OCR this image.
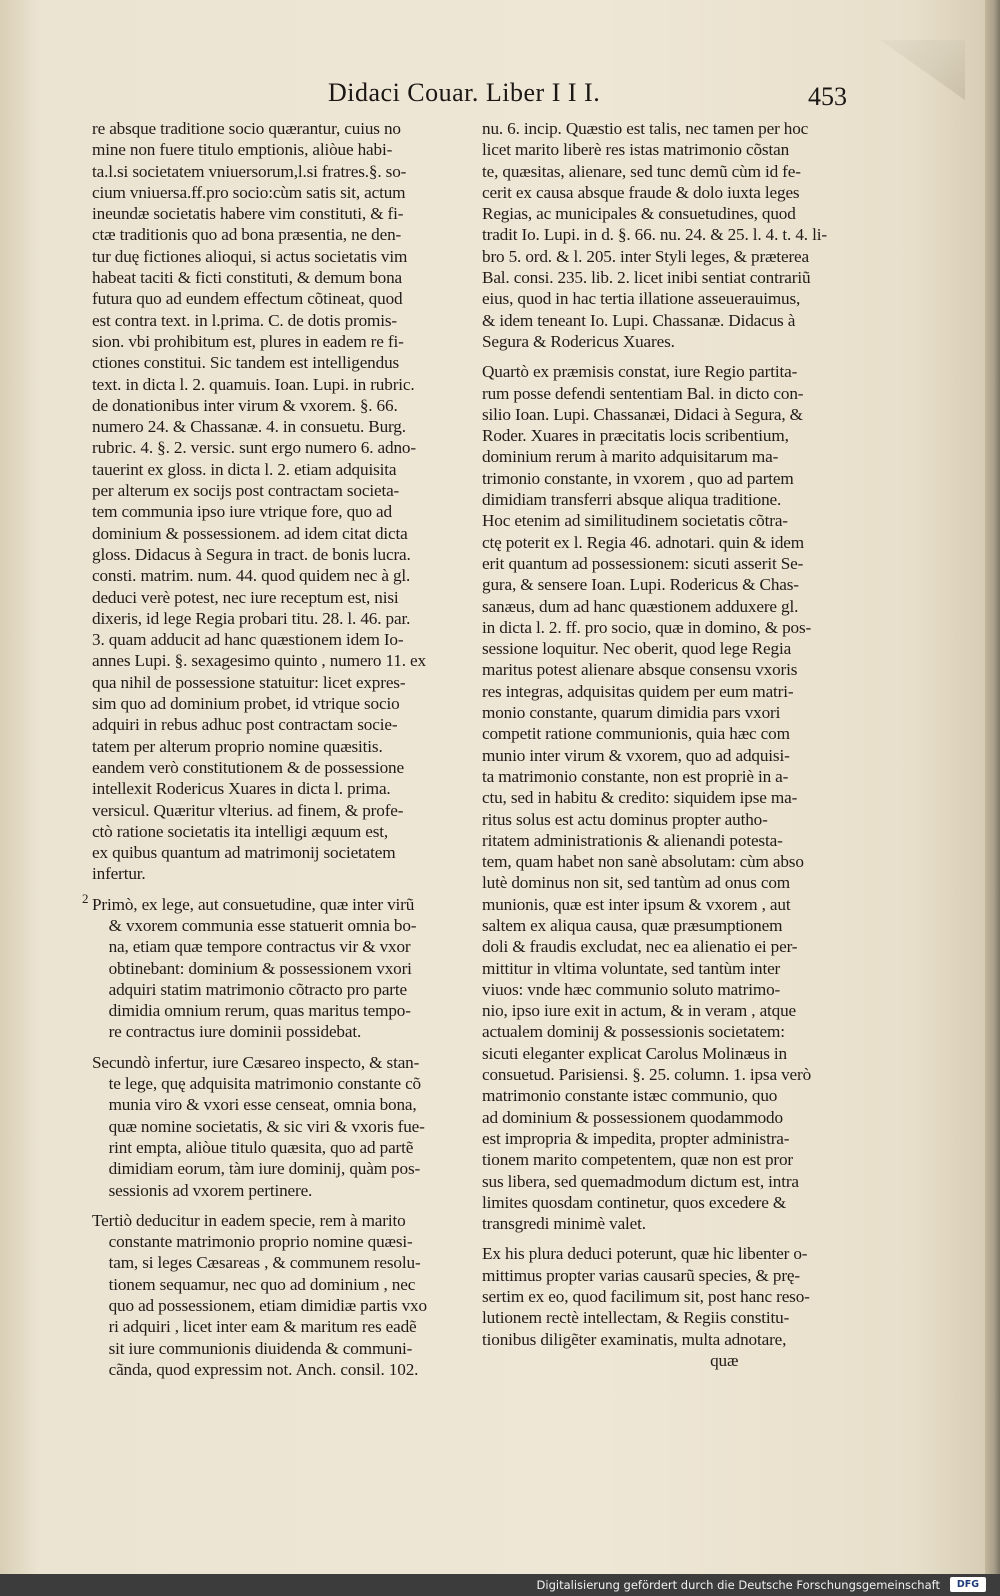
Didaci Couar. Liber I I I.	453
re absque traditione socio quærantur, cuius no
mine non fuere titulo emptionis, aliòue habi-
ta.l.si societatem vniuersorum,l.si fratres.§. so-
cium vniuersa.ff.pro socio:cùm satis sit, actum
ineundæ societatis habere vim constituti, & fi-
ctæ traditionis quo ad bona præsentia, ne den-
tur duę fictiones alioqui, si actus societatis vim
habeat taciti & ficti constituti, & demum bona
futura quo ad eundem effectum cõtineat, quod
est contra text. in l.prima. C. de dotis promis-
sion. vbi prohibitum est, plures in eadem re fi-
ctiones constitui. Sic tandem est intelligendus
text. in dicta l. 2. quamuis. Ioan. Lupi. in rubric.
de donationibus inter virum & vxorem. §. 66.
numero 24. & Chassanæ. 4. in consuetu. Burg.
rubric. 4. §. 2. versic. sunt ergo numero 6. adno-
tauerint ex gloss. in dicta l. 2. etiam adquisita
per alterum ex socijs post contractam societa-
tem communia ipso iure vtrique fore, quo ad
dominium & possessionem. ad idem citat dicta
gloss. Didacus à Segura in tract. de bonis lucra.
consti. matrim. num. 44. quod quidem nec à gl.
deduci verè potest, nec iure receptum est, nisi
dixeris, id lege Regia probari titu. 28. l. 46. par.
3. quam adducit ad hanc quæstionem idem Io-
annes Lupi. §. sexagesimo quinto , numero 11. ex
qua nihil de possessione statuitur: licet expres-
sim quo ad dominium probet, id vtrique socio
adquiri in rebus adhuc post contractam socie-
tatem per alterum proprio nomine quæsitis.
eandem verò constitutionem & de possessione
intellexit Rodericus Xuares in dicta l. prima.
versicul. Quæritur vlterius. ad finem, & profe-
ctò ratione societatis ita intelligi æquum est,
ex quibus quantum ad matrimonij societatem
infertur.
Primò, ex lege, aut consuetudine, quæ inter virũ
& vxorem communia esse statuerit omnia bo-
na, etiam quæ tempore contractus vir & vxor
obtinebant: dominium & possessionem vxori
adquiri statim matrimonio cõtracto pro parte
dimidia omnium rerum, quas maritus tempo-
re contractus iure dominii possidebat.
Secundò infertur, iure Cæsareo inspecto, & stan-
te lege, quę adquisita matrimonio constante cõ
munia viro & vxori esse censeat, omnia bona,
quæ nomine societatis, & sic viri & vxoris fue-
rint empta, aliòue titulo quæsita, quo ad partẽ
dimidiam eorum, tàm iure dominij, quàm pos-
sessionis ad vxorem pertinere.
Tertiò deducitur in eadem specie, rem à marito
constante matrimonio proprio nomine quæsi-
tam, si leges Cæsareas , & communem resolu-
tionem sequamur, nec quo ad dominium , nec
quo ad possessionem, etiam dimidiæ partis vxo
ri adquiri , licet inter eam & maritum res eadẽ
sit iure communionis diuidenda & communi-
cãnda, quod expressim not. Anch. consil. 102.
2
nu. 6. incip. Quæstio est talis, nec tamen per hoc
licet marito liberè res istas matrimonio cõstan
te, quæsitas, alienare, sed tunc demũ cùm id fe-
cerit ex causa absque fraude & dolo iuxta leges
Regias, ac municipales & consuetudines, quod
tradit Io. Lupi. in d. §. 66. nu. 24. & 25. l. 4. t. 4. li-
bro 5. ord. & l. 205. inter Styli leges, & præterea
Bal. consi. 235. lib. 2. licet inibi sentiat contrariũ
eius, quod in hac tertia illatione asseuerauimus,
& idem teneant Io. Lupi. Chassanæ. Didacus à
Segura & Rodericus Xuares.
Quartò ex præmisis constat, iure Regio partita-
rum posse defendi sententiam Bal. in dicto con-
silio Ioan. Lupi. Chassanæi, Didaci à Segura, &
Roder. Xuares in præcitatis locis scribentium,
dominium rerum à marito adquisitarum ma-
trimonio constante, in vxorem , quo ad partem
dimidiam transferri absque aliqua traditione.
Hoc etenim ad similitudinem societatis cõtra-
ctę poterit ex l. Regia 46. adnotari. quin & idem
erit quantum ad possessionem: sicuti asserit Se-
gura, & sensere Ioan. Lupi. Rodericus & Chas-
sanæus, dum ad hanc quæstionem adduxere gl.
in dicta l. 2. ff. pro socio, quæ in domino, & pos-
sessione loquitur. Nec oberit, quod lege Regia
maritus potest alienare absque consensu vxoris
res integras, adquisitas quidem per eum matri-
monio constante, quarum dimidia pars vxori
competit ratione communionis, quia hæc com
munio inter virum & vxorem, quo ad adquisi-
ta matrimonio constante, non est propriè in a-
ctu, sed in habitu & credito: siquidem ipse ma-
ritus solus est actu dominus propter autho-
ritatem administrationis & alienandi potesta-
tem, quam habet non sanè absolutam: cùm abso
lutè dominus non sit, sed tantùm ad onus com
munionis, quæ est inter ipsum & vxorem , aut
saltem ex aliqua causa, quæ præsumptionem
doli & fraudis excludat, nec ea alienatio ei per-
mittitur in vltima voluntate, sed tantùm inter
viuos: vnde hæc communio soluto matrimo-
nio, ipso iure exit in actum, & in veram , atque
actualem dominij & possessionis societatem:
sicuti eleganter explicat Carolus Molinæus in
consuetud. Parisiensi. §. 25. column. 1. ipsa verò
matrimonio constante istæc communio, quo
ad dominium & possessionem quodammodo
est impropria & impedita, propter administra-
tionem marito competentem, quæ non est pror
sus libera, sed quemadmodum dictum est, intra
limites quosdam continetur, quos excedere &
transgredi minimè valet.
Ex his plura deduci poterunt, quæ hic libenter o-
mittimus propter varias causarũ species, & prę-
sertim ex eo, quod facilimum sit, post hanc reso-
lutionem rectè intellectam, & Regiis constitu-
tionibus diligẽter examinatis, multa adnotare,
quæ
Digitalisierung gefördert durch die Deutsche Forschungsgemeinschaft	DFG
